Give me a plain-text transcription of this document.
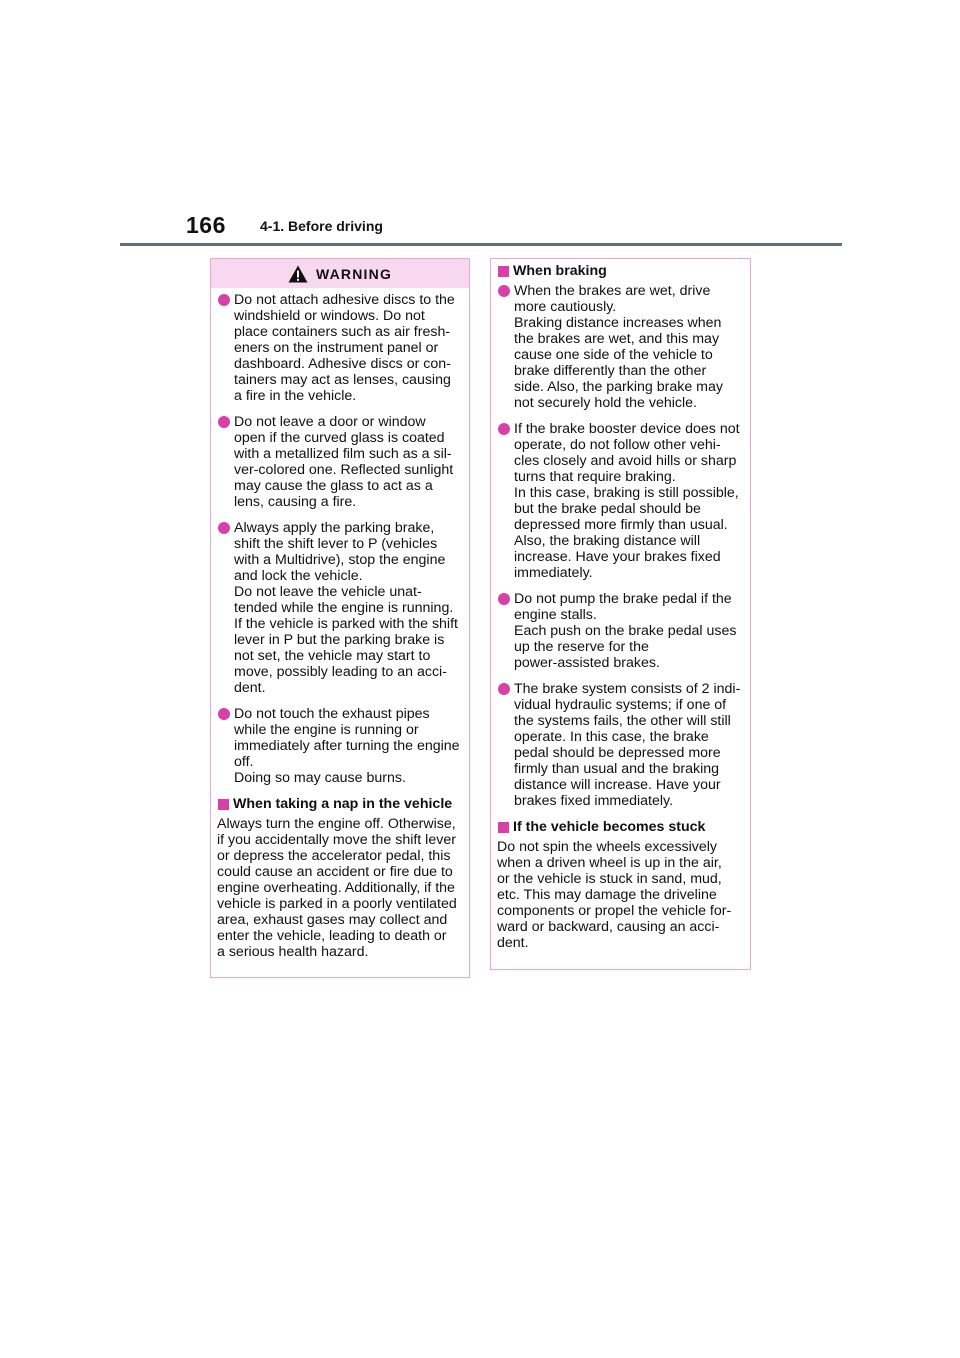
166 4-1. Before driving
WARNING
Do not attach adhesive discs to the
windshield or windows. Do not
place containers such as air fresh-
eners on the instrument panel or
dashboard. Adhesive discs or con-
tainers may act as lenses, causing
a fire in the vehicle.
Do not leave a door or window
open if the curved glass is coated
with a metallized film such as a sil-
ver-colored one. Reflected sunlight
may cause the glass to act as a
lens, causing a fire.
Always apply the parking brake,
shift the shift lever to P (vehicles
with a Multidrive), stop the engine
and lock the vehicle.
Do not leave the vehicle unat-
tended while the engine is running.
If the vehicle is parked with the shift
lever in P but the parking brake is
not set, the vehicle may start to
move, possibly leading to an acci-
dent.
Do not touch the exhaust pipes
while the engine is running or
immediately after turning the engine
off.
Doing so may cause burns.
When taking a nap in the vehicle
Always turn the engine off. Otherwise,
if you accidentally move the shift lever
or depress the accelerator pedal, this
could cause an accident or fire due to
engine overheating. Additionally, if the
vehicle is parked in a poorly ventilated
area, exhaust gases may collect and
enter the vehicle, leading to death or
a serious health hazard.
When braking
When the brakes are wet, drive
more cautiously.
Braking distance increases when
the brakes are wet, and this may
cause one side of the vehicle to
brake differently than the other
side. Also, the parking brake may
not securely hold the vehicle.
If the brake booster device does not
operate, do not follow other vehi-
cles closely and avoid hills or sharp
turns that require braking.
In this case, braking is still possible,
but the brake pedal should be
depressed more firmly than usual.
Also, the braking distance will
increase. Have your brakes fixed
immediately.
Do not pump the brake pedal if the
engine stalls.
Each push on the brake pedal uses
up the reserve for the
power-assisted brakes.
The brake system consists of 2 indi-
vidual hydraulic systems; if one of
the systems fails, the other will still
operate. In this case, the brake
pedal should be depressed more
firmly than usual and the braking
distance will increase. Have your
brakes fixed immediately.
If the vehicle becomes stuck
Do not spin the wheels excessively
when a driven wheel is up in the air,
or the vehicle is stuck in sand, mud,
etc. This may damage the driveline
components or propel the vehicle for-
ward or backward, causing an acci-
dent.
